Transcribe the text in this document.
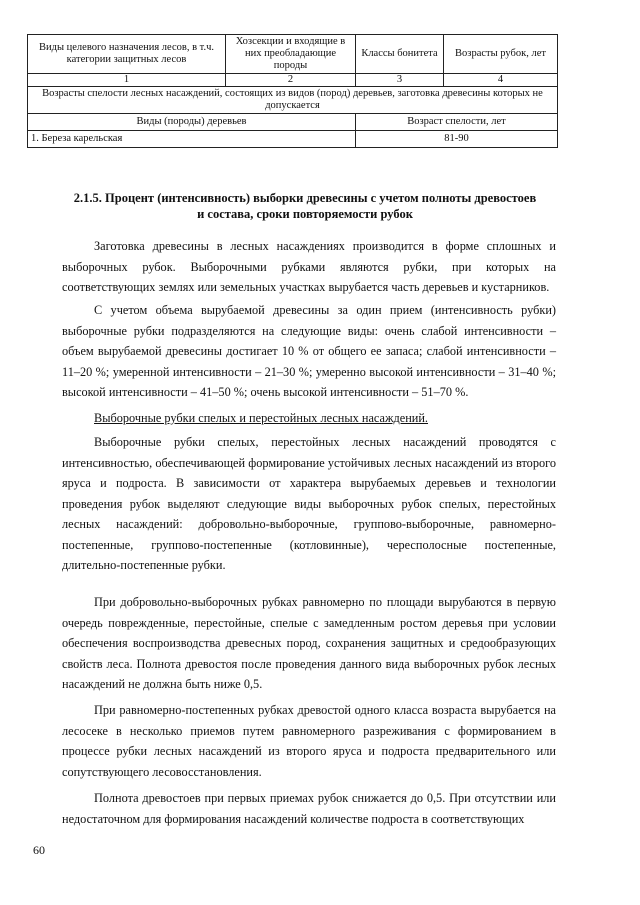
Виды целевого назначения лесов, в т.ч. категории защитных лесов	Хозсекции и входящие в них преобладающие породы	Классы бонитета	Возрасты рубок, лет
1	2	3	4
Возрасты спелости лесных насаждений, состоящих из видов (пород) деревьев, заготовка древесины которых не допускается			
Виды (породы) деревьев		Возраст спелости, лет	
1. Береза карельская		81-90	
2.1.5. Процент (интенсивность) выборки древесины с учетом полноты древостоев и состава, сроки повторяемости рубок

Заготовка древесины в лесных насаждениях производится в форме сплошных и выборочных рубок. Выборочными рубками являются рубки, при которых на соответствующих землях или земельных участках вырубается часть деревьев и кустарников.

С учетом объема вырубаемой древесины за один прием (интенсивность рубки) выборочные рубки подразделяются на следующие виды: очень слабой интенсивности – объем вырубаемой древесины достигает 10 % от общего ее запаса; слабой интенсивности – 11–20 %; умеренной интенсивности – 21–30 %; умеренно высокой интенсивности – 31–40 %; высокой интенсивности – 41–50 %; очень высокой интенсивности – 51–70 %.

Выборочные рубки спелых и перестойных лесных насаждений.

Выборочные рубки спелых, перестойных лесных насаждений проводятся с интенсивностью, обеспечивающей формирование устойчивых лесных насаждений из второго яруса и подроста. В зависимости от характера вырубаемых деревьев и технологии проведения рубок выделяют следующие виды выборочных рубок спелых, перестойных лесных насаждений: добровольно-выборочные, группово-выборочные, равномерно-постепенные, группово-постепенные (котловинные), чересполосные постепенные, длительно-постепенные рубки.

При добровольно-выборочных рубках равномерно по площади вырубаются в первую очередь поврежденные, перестойные, спелые с замедленным ростом деревья при условии обеспечения воспроизводства древесных пород, сохранения защитных и средообразующих свойств леса. Полнота древостоя после проведения данного вида выборочных рубок лесных насаждений не должна быть ниже 0,5.

При равномерно-постепенных рубках древостой одного класса возраста вырубается на лесосеке в несколько приемов путем равномерного разреживания с формированием в процессе рубки лесных насаждений из второго яруса и подроста предварительного или сопутствующего лесовосстановления.

Полнота древостоев при первых приемах рубок снижается до 0,5. При отсутствии или недостаточном для формирования насаждений количестве подроста в соответствующих

60
